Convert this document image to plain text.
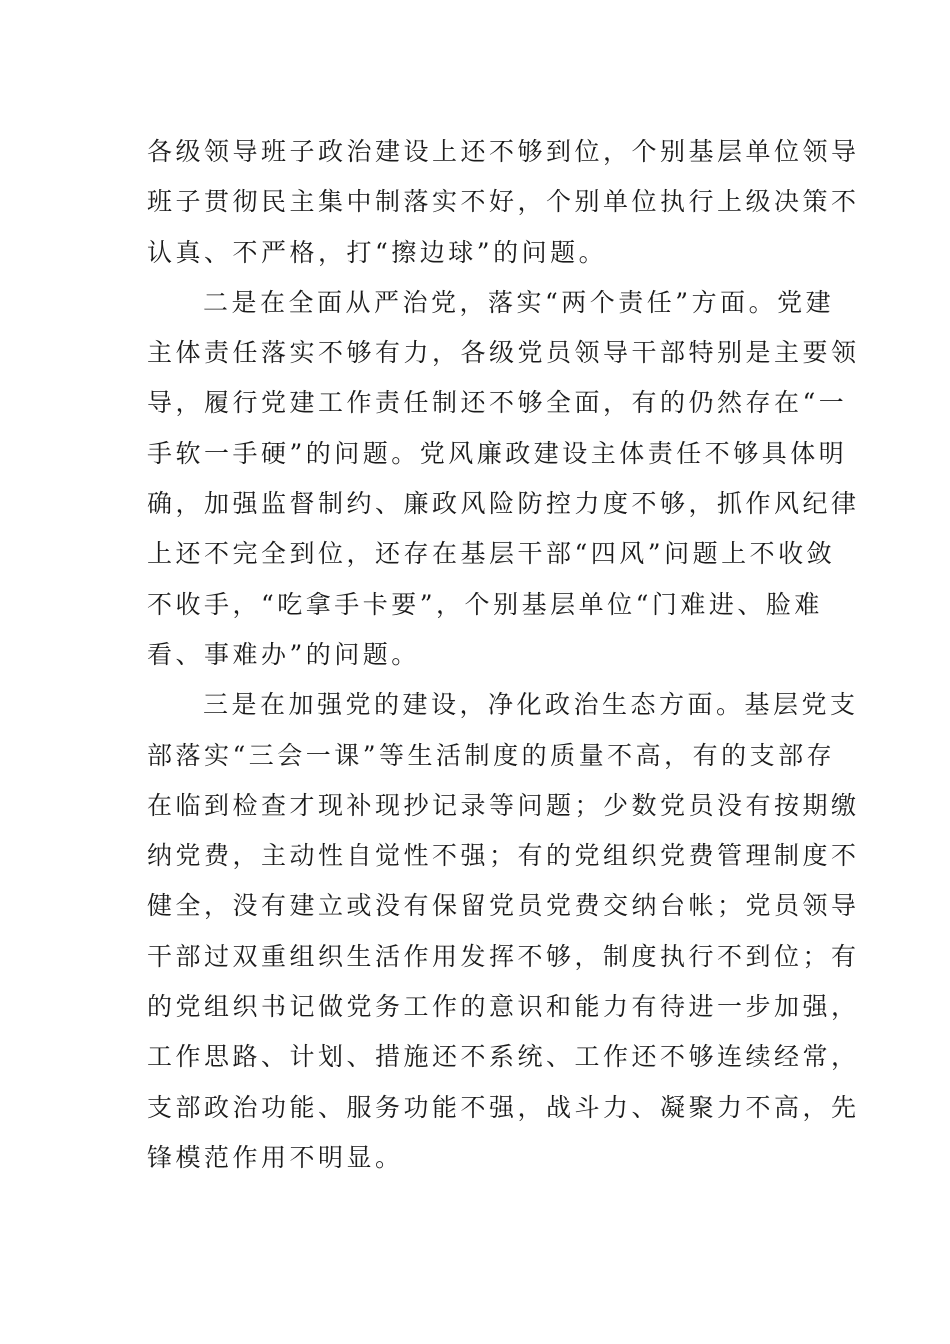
各级领导班子政治建设上还不够到位，个别基层单位领导
班子贯彻民主集中制落实不好，个别单位执行上级决策不
认真、不严格，打“擦边球”的问题。
二是在全面从严治党，落实“两个责任”方面。党建
主体责任落实不够有力，各级党员领导干部特别是主要领
导，履行党建工作责任制还不够全面，有的仍然存在“一
手软一手硬”的问题。党风廉政建设主体责任不够具体明
确，加强监督制约、廉政风险防控力度不够，抓作风纪律
上还不完全到位，还存在基层干部“四风”问题上不收敛
不收手，“吃拿手卡要”，个别基层单位“门难进、脸难
看、事难办”的问题。
三是在加强党的建设，净化政治生态方面。基层党支
部落实“三会一课”等生活制度的质量不高，有的支部存
在临到检查才现补现抄记录等问题；少数党员没有按期缴
纳党费，主动性自觉性不强；有的党组织党费管理制度不
健全，没有建立或没有保留党员党费交纳台帐；党员领导
干部过双重组织生活作用发挥不够，制度执行不到位；有
的党组织书记做党务工作的意识和能力有待进一步加强，
工作思路、计划、措施还不系统、工作还不够连续经常，
支部政治功能、服务功能不强，战斗力、凝聚力不高，先
锋模范作用不明显。
